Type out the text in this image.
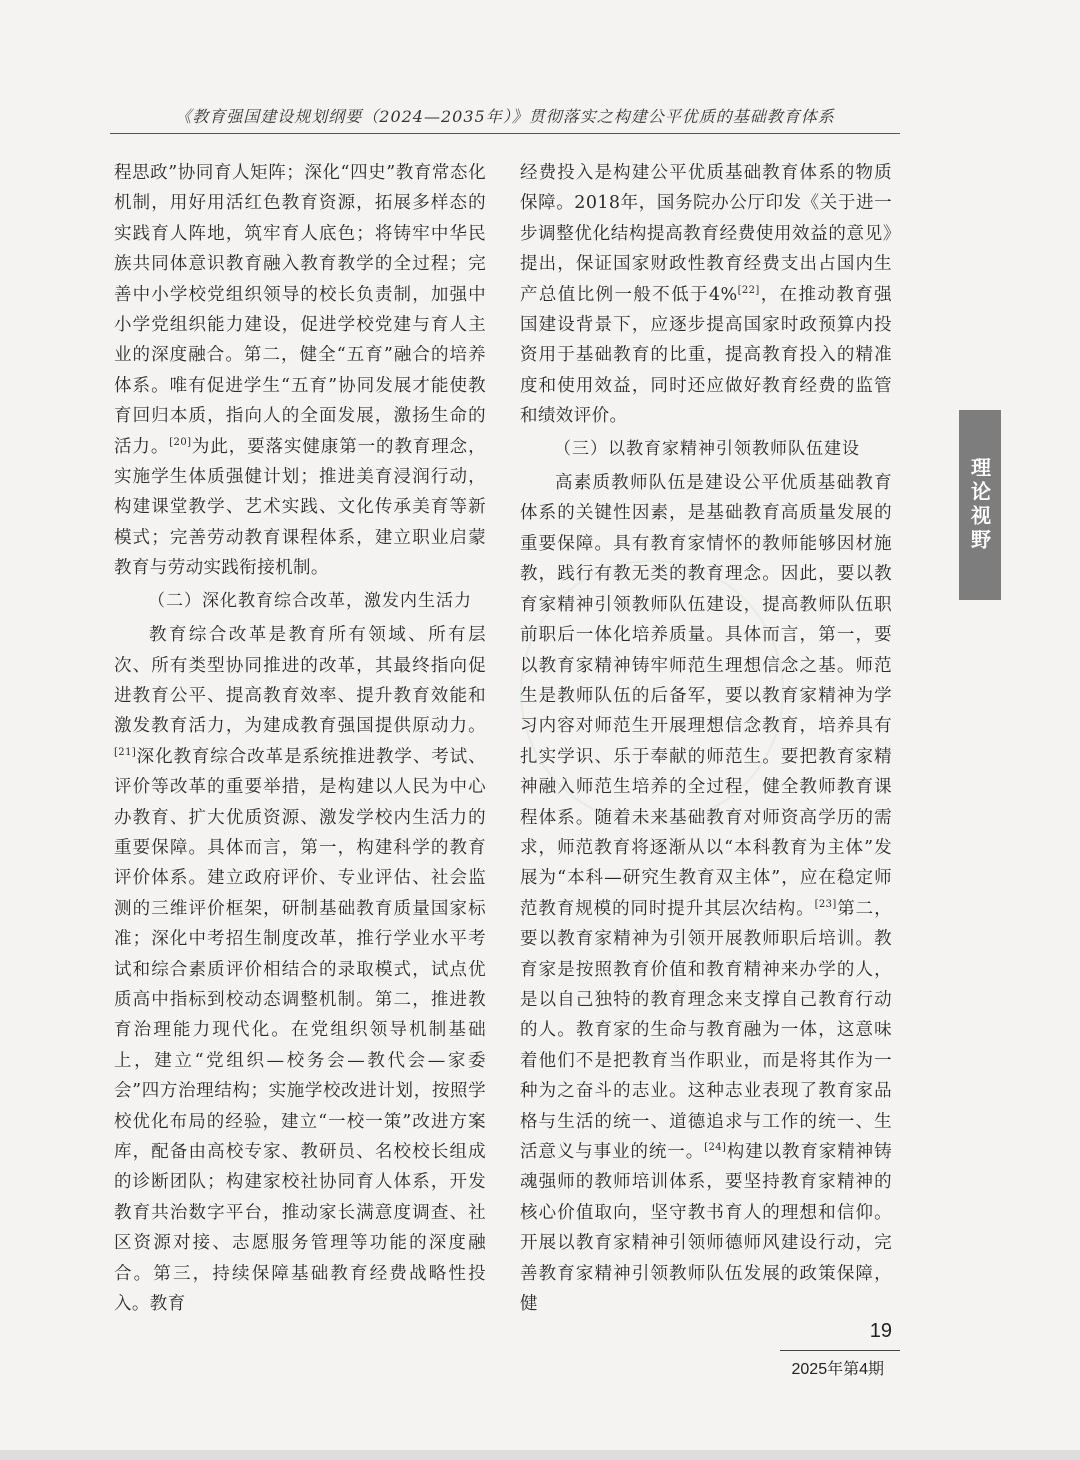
《教育强国建设规划纲要（2024—2035年）》贯彻落实之构建公平优质的基础教育体系

程思政”协同育人矩阵；深化“四史”教育常态化机制，用好用活红色教育资源，拓展多样态的实践育人阵地，筑牢育人底色；将铸牢中华民族共同体意识教育融入教育教学的全过程；完善中小学校党组织领导的校长负责制，加强中小学党组织能力建设，促进学校党建与育人主业的深度融合。第二，健全“五育”融合的培养体系。唯有促进学生“五育”协同发展才能使教育回归本质，指向人的全面发展，激扬生命的活力。[20]为此，要落实健康第一的教育理念，实施学生体质强健计划；推进美育浸润行动，构建课堂教学、艺术实践、文化传承美育等新模式；完善劳动教育课程体系，建立职业启蒙教育与劳动实践衔接机制。

（二）深化教育综合改革，激发内生活力

教育综合改革是教育所有领域、所有层次、所有类型协同推进的改革，其最终指向促进教育公平、提高教育效率、提升教育效能和激发教育活力，为建成教育强国提供原动力。[21]深化教育综合改革是系统推进教学、考试、评价等改革的重要举措，是构建以人民为中心办教育、扩大优质资源、激发学校内生活力的重要保障。具体而言，第一，构建科学的教育评价体系。建立政府评价、专业评估、社会监测的三维评价框架，研制基础教育质量国家标准；深化中考招生制度改革，推行学业水平考试和综合素质评价相结合的录取模式，试点优质高中指标到校动态调整机制。第二，推进教育治理能力现代化。在党组织领导机制基础上，建立“党组织—校务会—教代会—家委会”四方治理结构；实施学校改进计划，按照学校优化布局的经验，建立“一校一策”改进方案库，配备由高校专家、教研员、名校校长组成的诊断团队；构建家校社协同育人体系，开发教育共治数字平台，推动家长满意度调查、社区资源对接、志愿服务管理等功能的深度融合。第三，持续保障基础教育经费战略性投入。教育

经费投入是构建公平优质基础教育体系的物质保障。2018年，国务院办公厅印发《关于进一步调整优化结构提高教育经费使用效益的意见》提出，保证国家财政性教育经费支出占国内生产总值比例一般不低于4%[22]，在推动教育强国建设背景下，应逐步提高国家时政预算内投资用于基础教育的比重，提高教育投入的精准度和使用效益，同时还应做好教育经费的监管和绩效评价。

（三）以教育家精神引领教师队伍建设

高素质教师队伍是建设公平优质基础教育体系的关键性因素，是基础教育高质量发展的重要保障。具有教育家情怀的教师能够因材施教，践行有教无类的教育理念。因此，要以教育家精神引领教师队伍建设，提高教师队伍职前职后一体化培养质量。具体而言，第一，要以教育家精神铸牢师范生理想信念之基。师范生是教师队伍的后备军，要以教育家精神为学习内容对师范生开展理想信念教育，培养具有扎实学识、乐于奉献的师范生。要把教育家精神融入师范生培养的全过程，健全教师教育课程体系。随着未来基础教育对师资高学历的需求，师范教育将逐渐从以“本科教育为主体”发展为“本科—研究生教育双主体”，应在稳定师范教育规模的同时提升其层次结构。[23]第二，要以教育家精神为引领开展教师职后培训。教育家是按照教育价值和教育精神来办学的人，是以自己独特的教育理念来支撑自己教育行动的人。教育家的生命与教育融为一体，这意味着他们不是把教育当作职业，而是将其作为一种为之奋斗的志业。这种志业表现了教育家品格与生活的统一、道德追求与工作的统一、生活意义与事业的统一。[24]构建以教育家精神铸魂强师的教师培训体系，要坚持教育家精神的核心价值取向，坚守教书育人的理想和信仰。开展以教育家精神引领师德师风建设行动，完善教育家精神引领教师队伍发展的政策保障，健

理论视野
19
2025年第4期
